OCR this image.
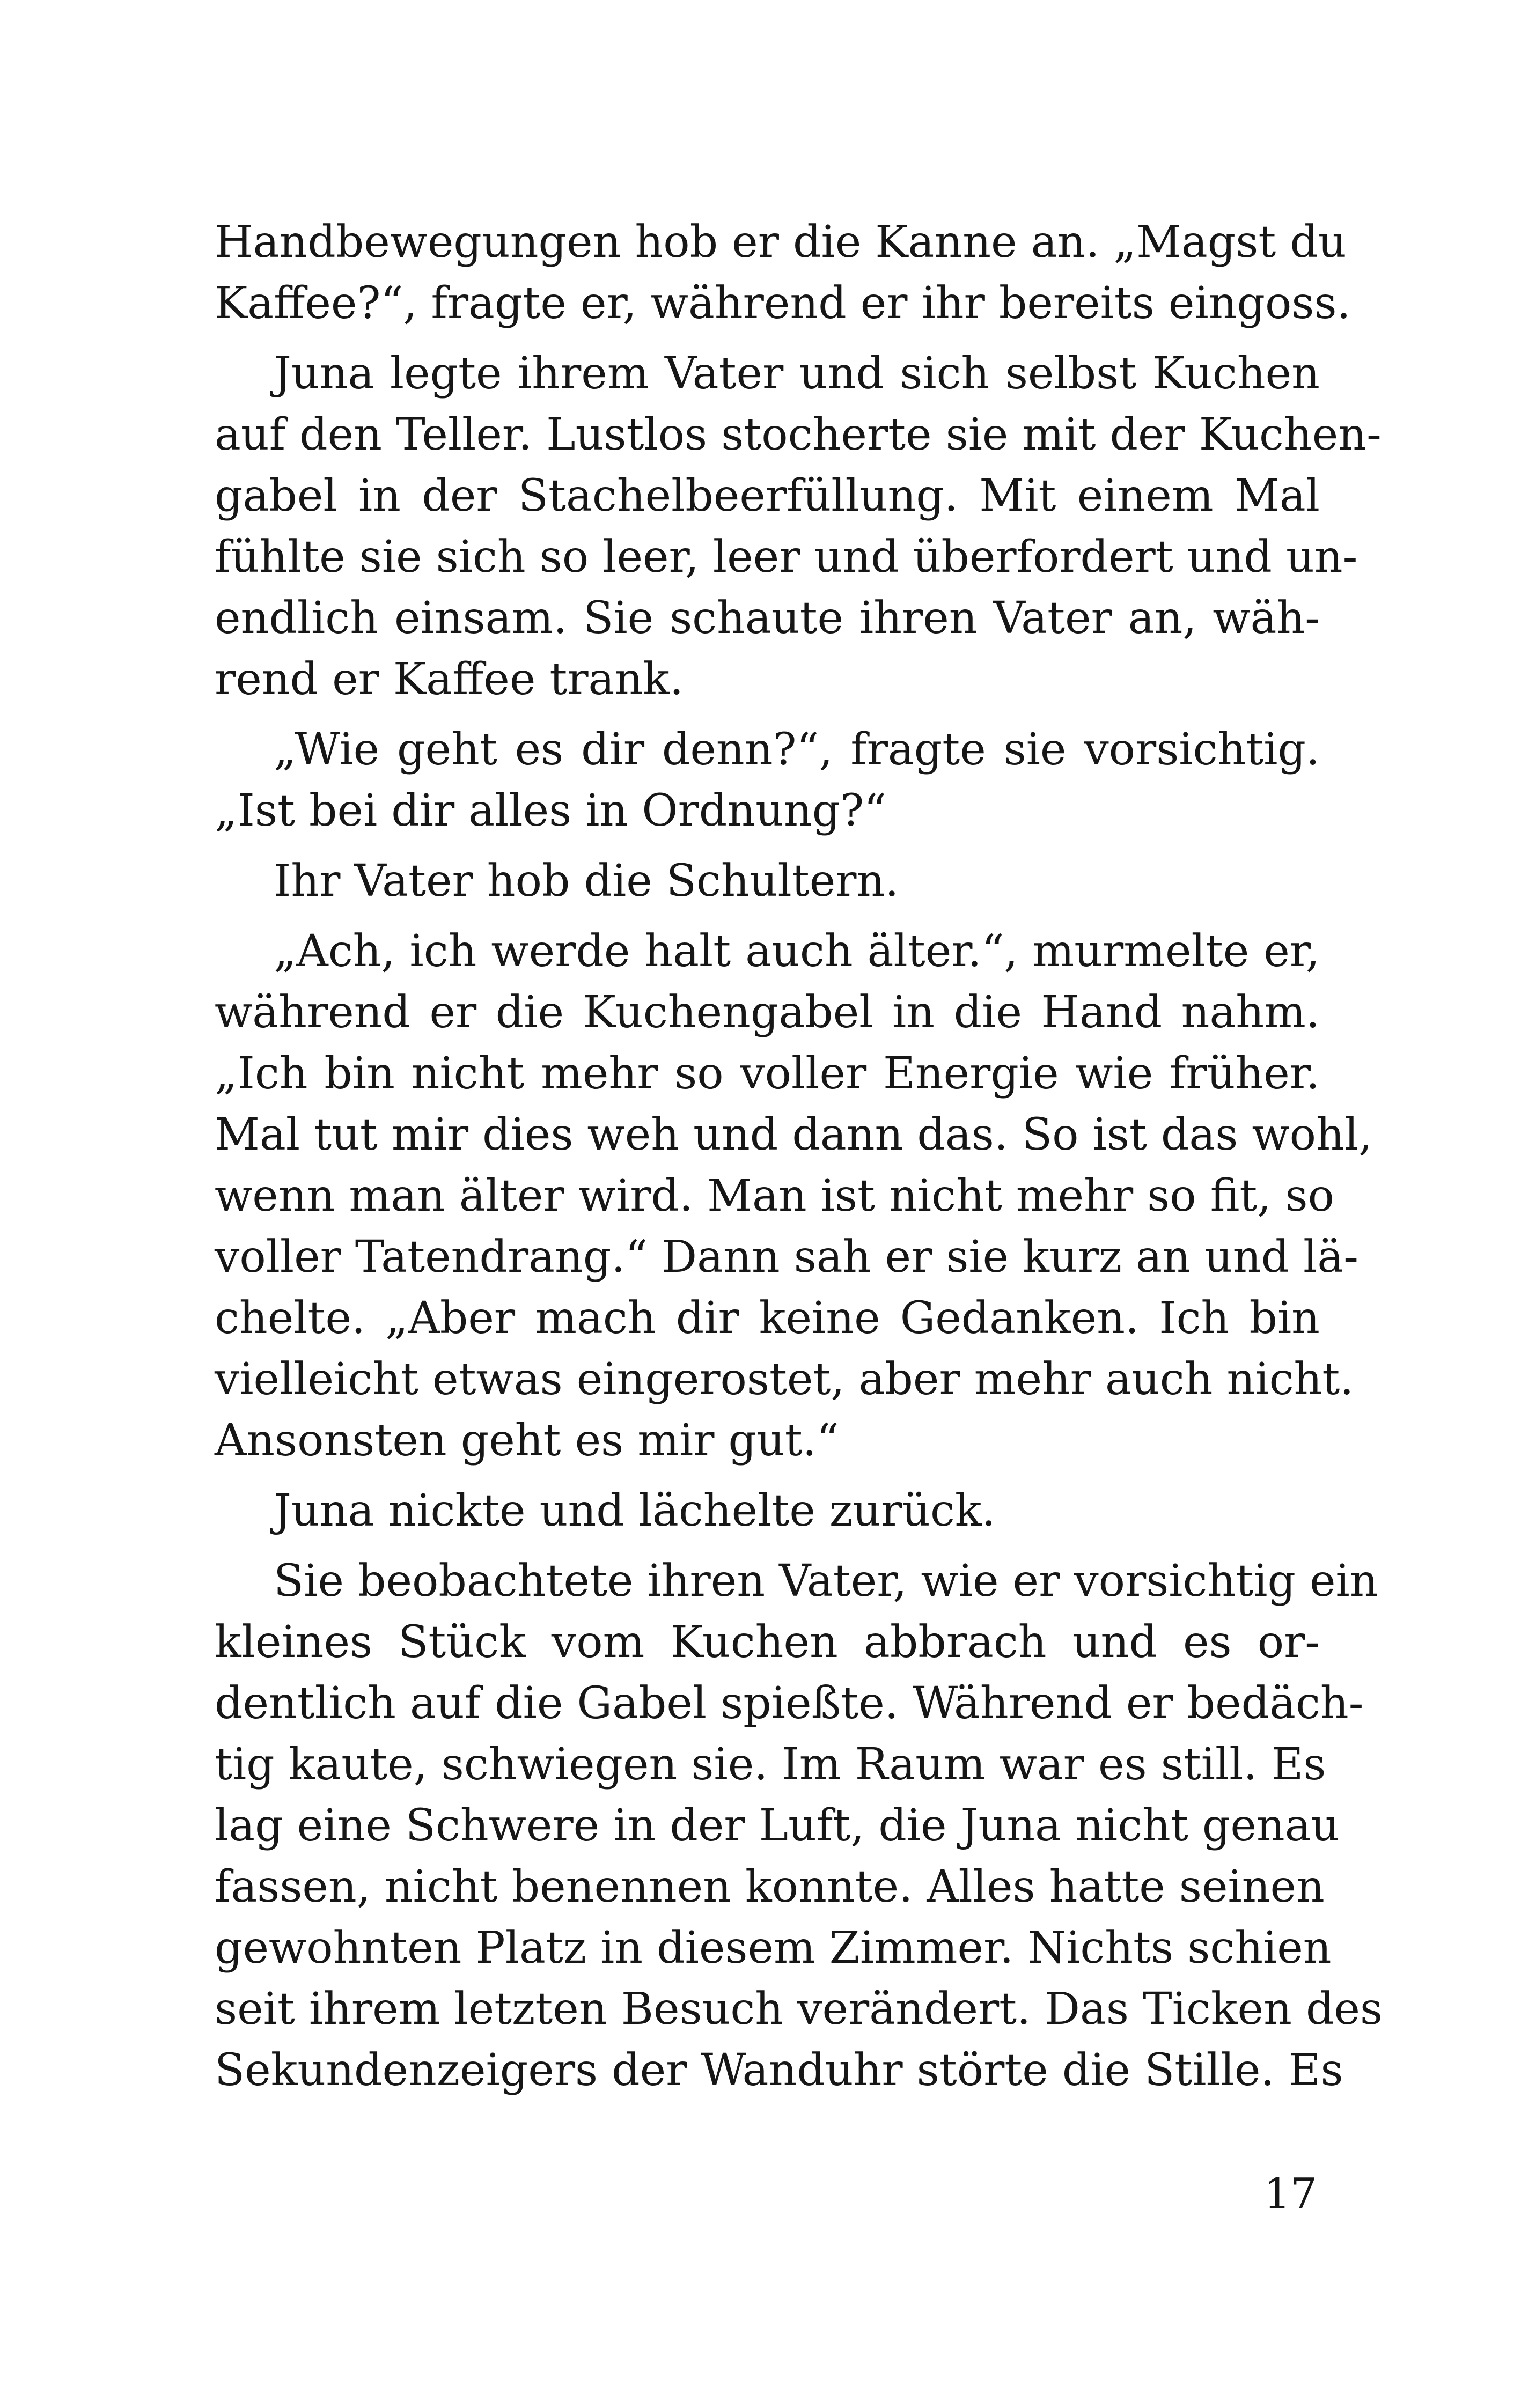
Handbewegungen hob er die Kanne an. „Magst du
Kaffee?“, fragte er, während er ihr bereits eingoss.

Juna legte ihrem Vater und sich selbst Kuchen
auf den Teller. Lustlos stocherte sie mit der Kuchen-
gabel in der Stachelbeerfüllung. Mit einem Mal
fühlte sie sich so leer, leer und überfordert und un-
endlich einsam. Sie schaute ihren Vater an, wäh-
rend er Kaffee trank.

„Wie geht es dir denn?“, fragte sie vorsichtig.
„Ist bei dir alles in Ordnung?“

Ihr Vater hob die Schultern.

„Ach, ich werde halt auch älter.“, murmelte er,
während er die Kuchengabel in die Hand nahm.
„Ich bin nicht mehr so voller Energie wie früher.
Mal tut mir dies weh und dann das. So ist das wohl,
wenn man älter wird. Man ist nicht mehr so fit, so
voller Tatendrang.“ Dann sah er sie kurz an und lä-
chelte. „Aber mach dir keine Gedanken. Ich bin
vielleicht etwas eingerostet, aber mehr auch nicht.
Ansonsten geht es mir gut.“

Juna nickte und lächelte zurück.

Sie beobachtete ihren Vater, wie er vorsichtig ein
kleines Stück vom Kuchen abbrach und es or-
dentlich auf die Gabel spießte. Während er bedäch-
tig kaute, schwiegen sie. Im Raum war es still. Es
lag eine Schwere in der Luft, die Juna nicht genau
fassen, nicht benennen konnte. Alles hatte seinen
gewohnten Platz in diesem Zimmer. Nichts schien
seit ihrem letzten Besuch verändert. Das Ticken des
Sekundenzeigers der Wanduhr störte die Stille. Es

17
